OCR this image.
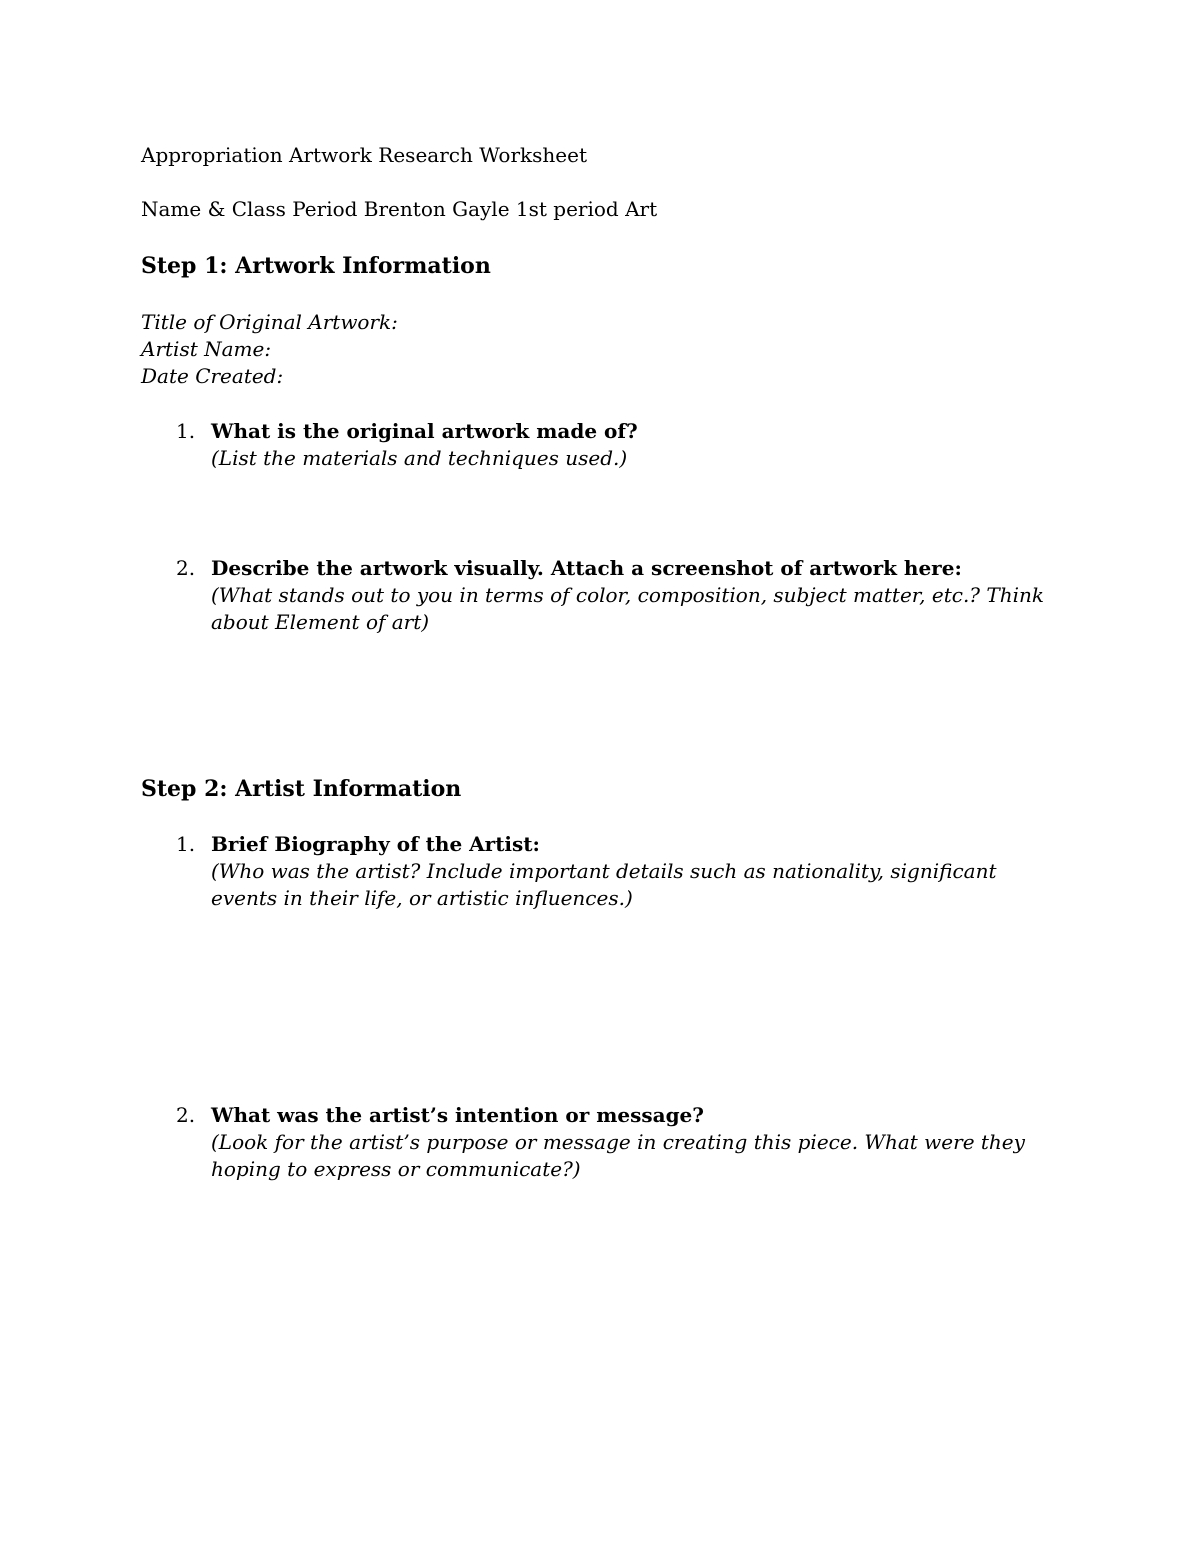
Appropriation Artwork Research Worksheet
Name & Class Period Brenton Gayle 1st period Art
Step 1: Artwork Information
Title of Original Artwork:
Artist Name:
Date Created:
1. What is the original artwork made of?
(List the materials and techniques used.)
2. Describe the artwork visually. Attach a screenshot of artwork here:
(What stands out to you in terms of color, composition, subject matter, etc.? Think about Element of art)
Step 2: Artist Information
1. Brief Biography of the Artist:
(Who was the artist? Include important details such as nationality, significant events in their life, or artistic influences.)
2. What was the artist’s intention or message?
(Look for the artist’s purpose or message in creating this piece. What were they hoping to express or communicate?)
